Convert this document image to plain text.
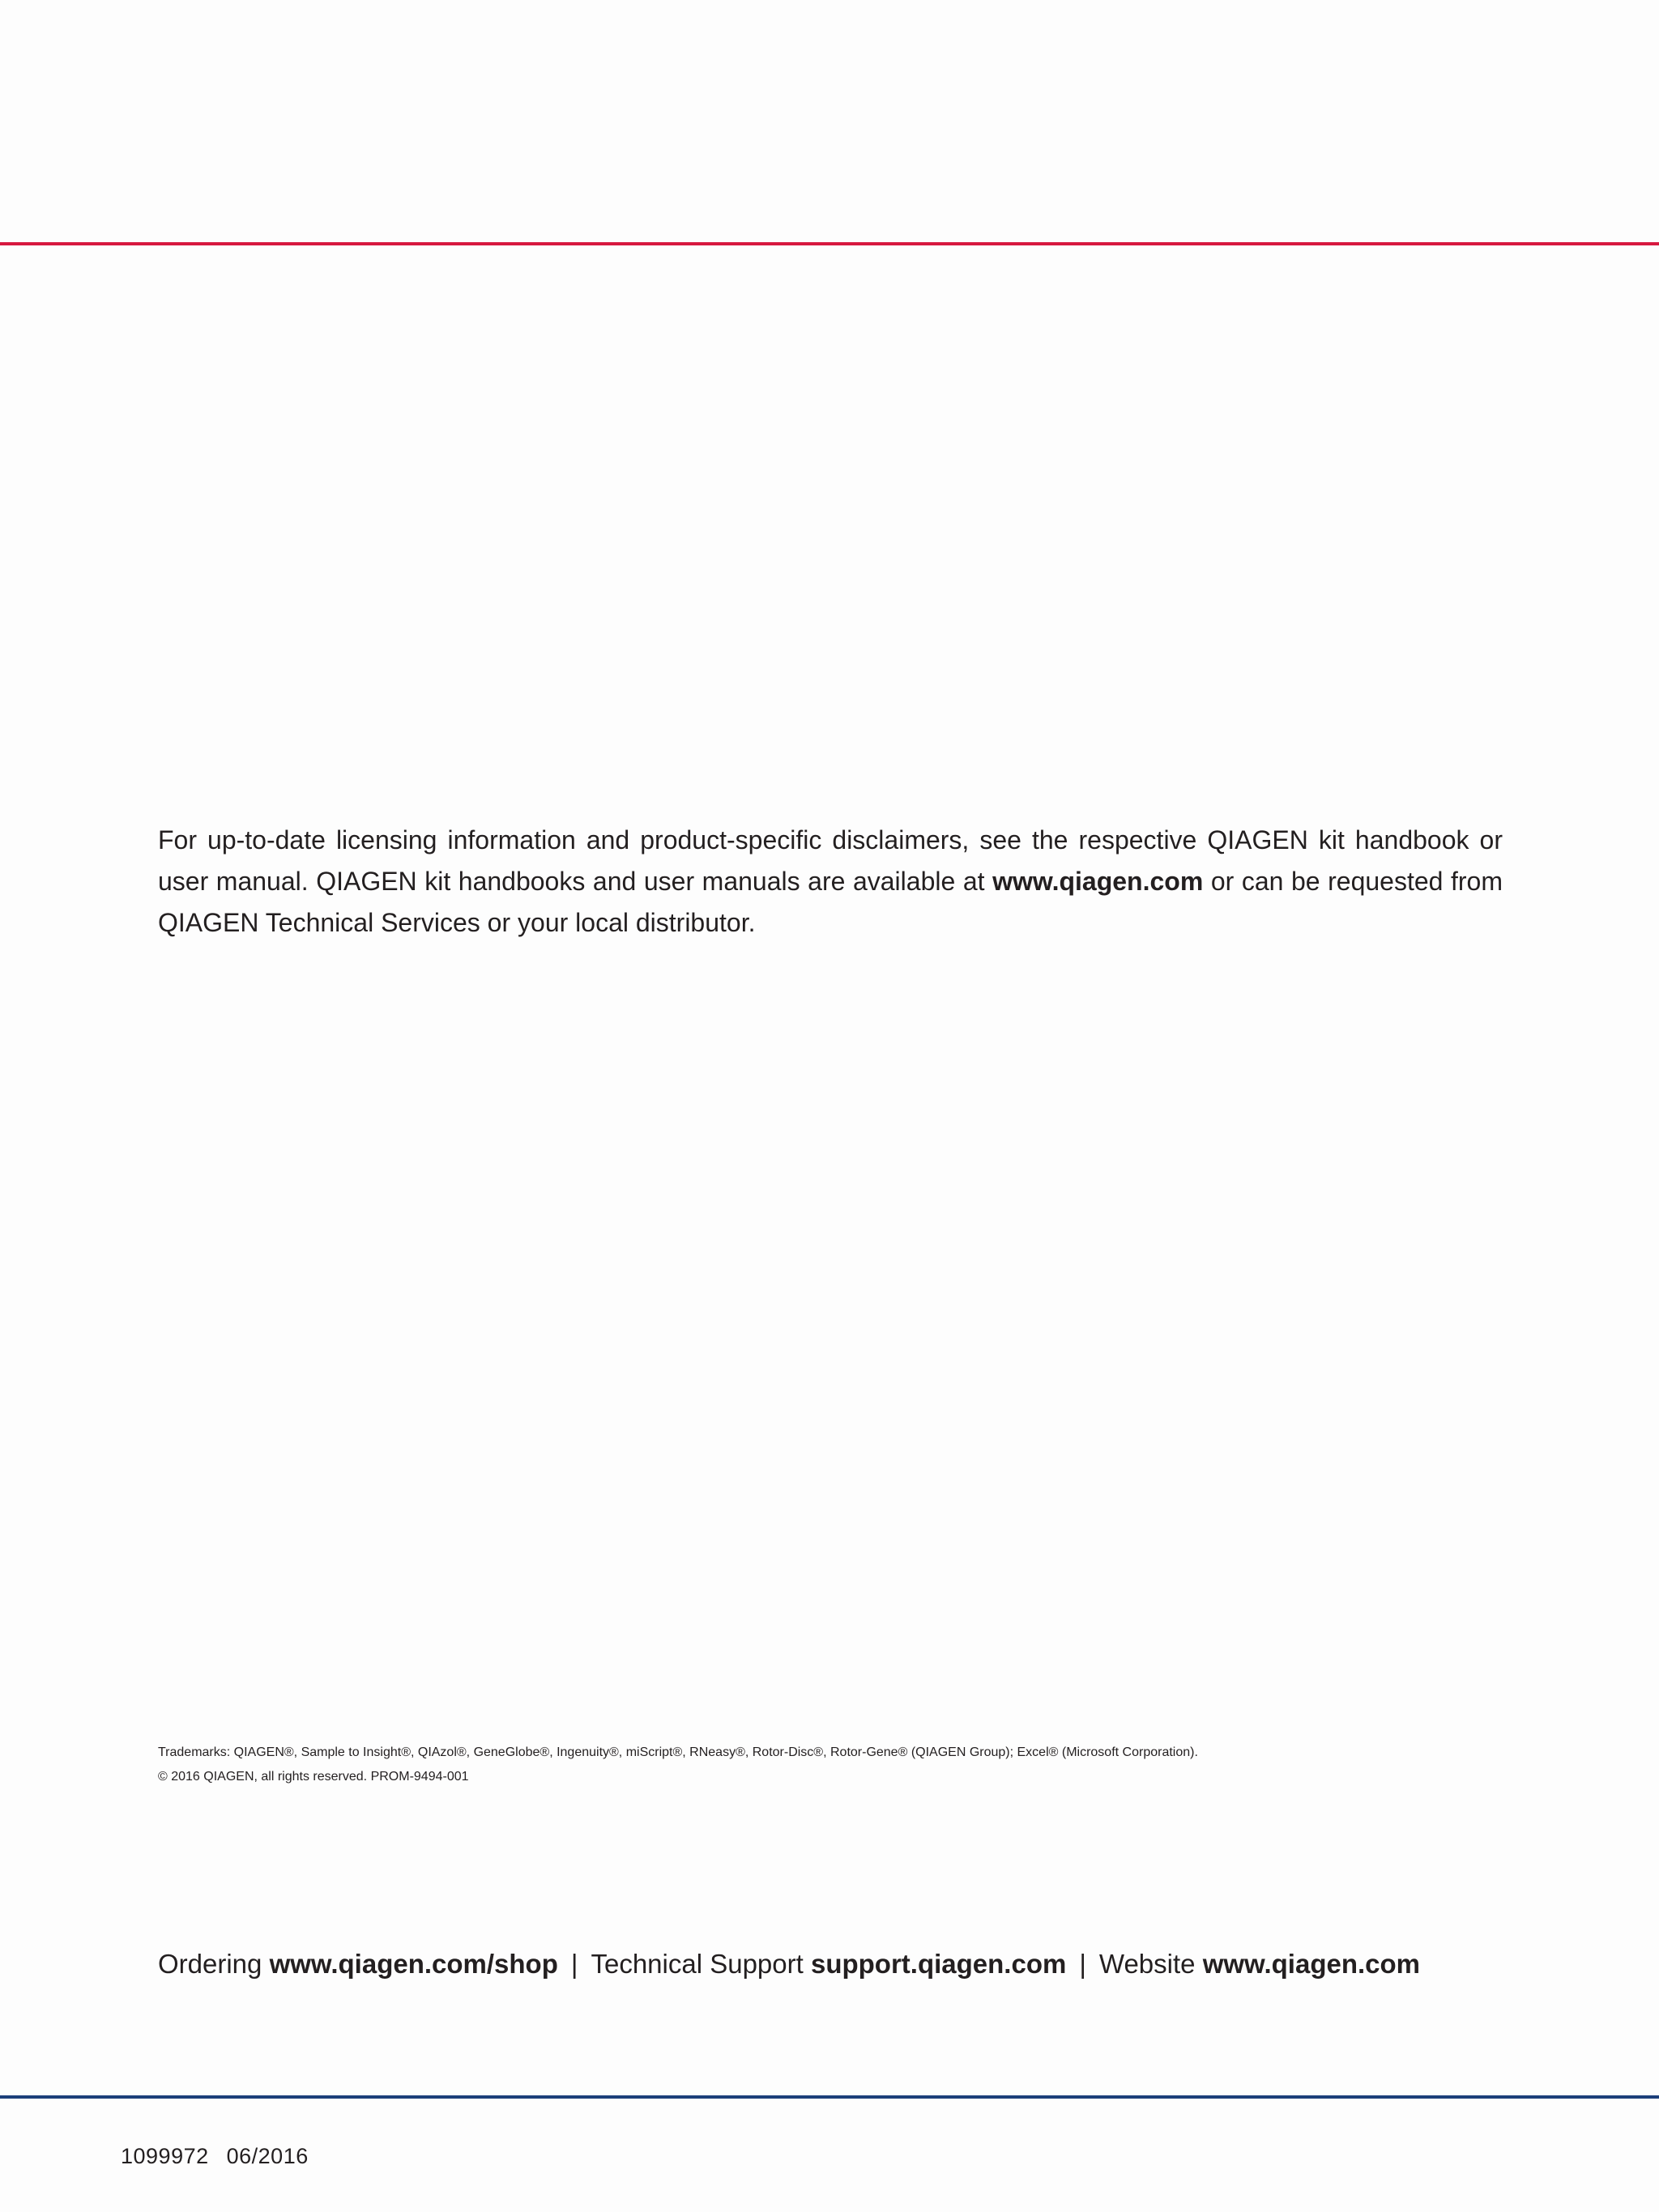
For up-to-date licensing information and product-specific disclaimers, see the respective QIAGEN kit handbook or user manual. QIAGEN kit handbooks and user manuals are available at www.qiagen.com or can be requested from QIAGEN Technical Services or your local distributor.

Trademarks: QIAGEN®, Sample to Insight®, QIAzol®, GeneGlobe®, Ingenuity®, miScript®, RNeasy®, Rotor-Disc®, Rotor-Gene® (QIAGEN Group); Excel® (Microsoft Corporation).

© 2016 QIAGEN, all rights reserved. PROM-9494-001

Ordering www.qiagen.com/shop | Technical Support support.qiagen.com | Website www.qiagen.com
1099972 06/2016
